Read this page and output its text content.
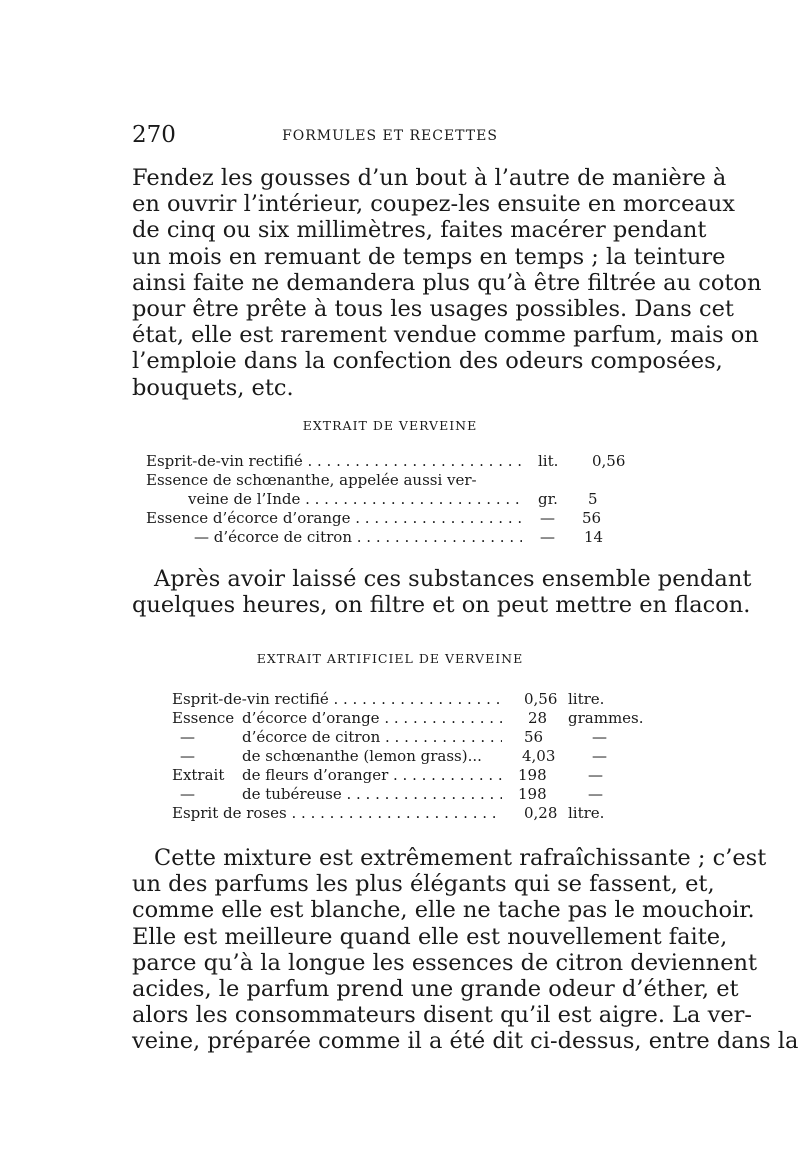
270	FORMULES ET RECETTES
Fendez les gousses d’un bout à l’autre de manière à
en ouvrir l’intérieur, coupez-les ensuite en morceaux
de cinq ou six millimètres, faites macérer pendant
un mois en remuant de temps en temps ; la teinture
ainsi faite ne demandera plus qu’à être filtrée au coton
pour être prête à tous les usages possibles. Dans cet
état, elle est rarement vendue comme parfum, mais on
l’emploie dans la confection des odeurs composées,
bouquets, etc.
EXTRAIT DE VERVEINE
Esprit-de-vin rectifié . . .	lit. 0,56
Essence de schœnanthe, appelée aussi ver-
veine de l’Inde . . .	gr. 5
Essence d’écorce d’orange . . .	— 56
— d’écorce de citron . . .	— 14
Après avoir laissé ces substances ensemble pendant
quelques heures, on filtre et on peut mettre en flacon.
EXTRAIT ARTIFICIEL DE VERVEINE
Esprit-de-vin rectifié . . .	0,56 litre.
Essence d’écorce d’orange . . .	28 grammes.
—	d’écorce de citron . . .	56	—
—	de schœnanthe (lemon grass)...	4,03 —
Extrait de fleurs d’oranger . . .	198	—
—	de tubéreuse . . .	198	—
Esprit de roses . . .	0,28 litre.
Cette mixture est extrêmement rafraîchissante ; c’est
un des parfums les plus élégants qui se fassent, et,
comme elle est blanche, elle ne tache pas le mouchoir.
Elle est meilleure quand elle est nouvellement faite,
parce qu’à la longue les essences de citron deviennent
acides, le parfum prend une grande odeur d’éther, et
alors les consommateurs disent qu’il est aigre. La ver-
veine, préparée comme il a été dit ci-dessus, entre dans la
